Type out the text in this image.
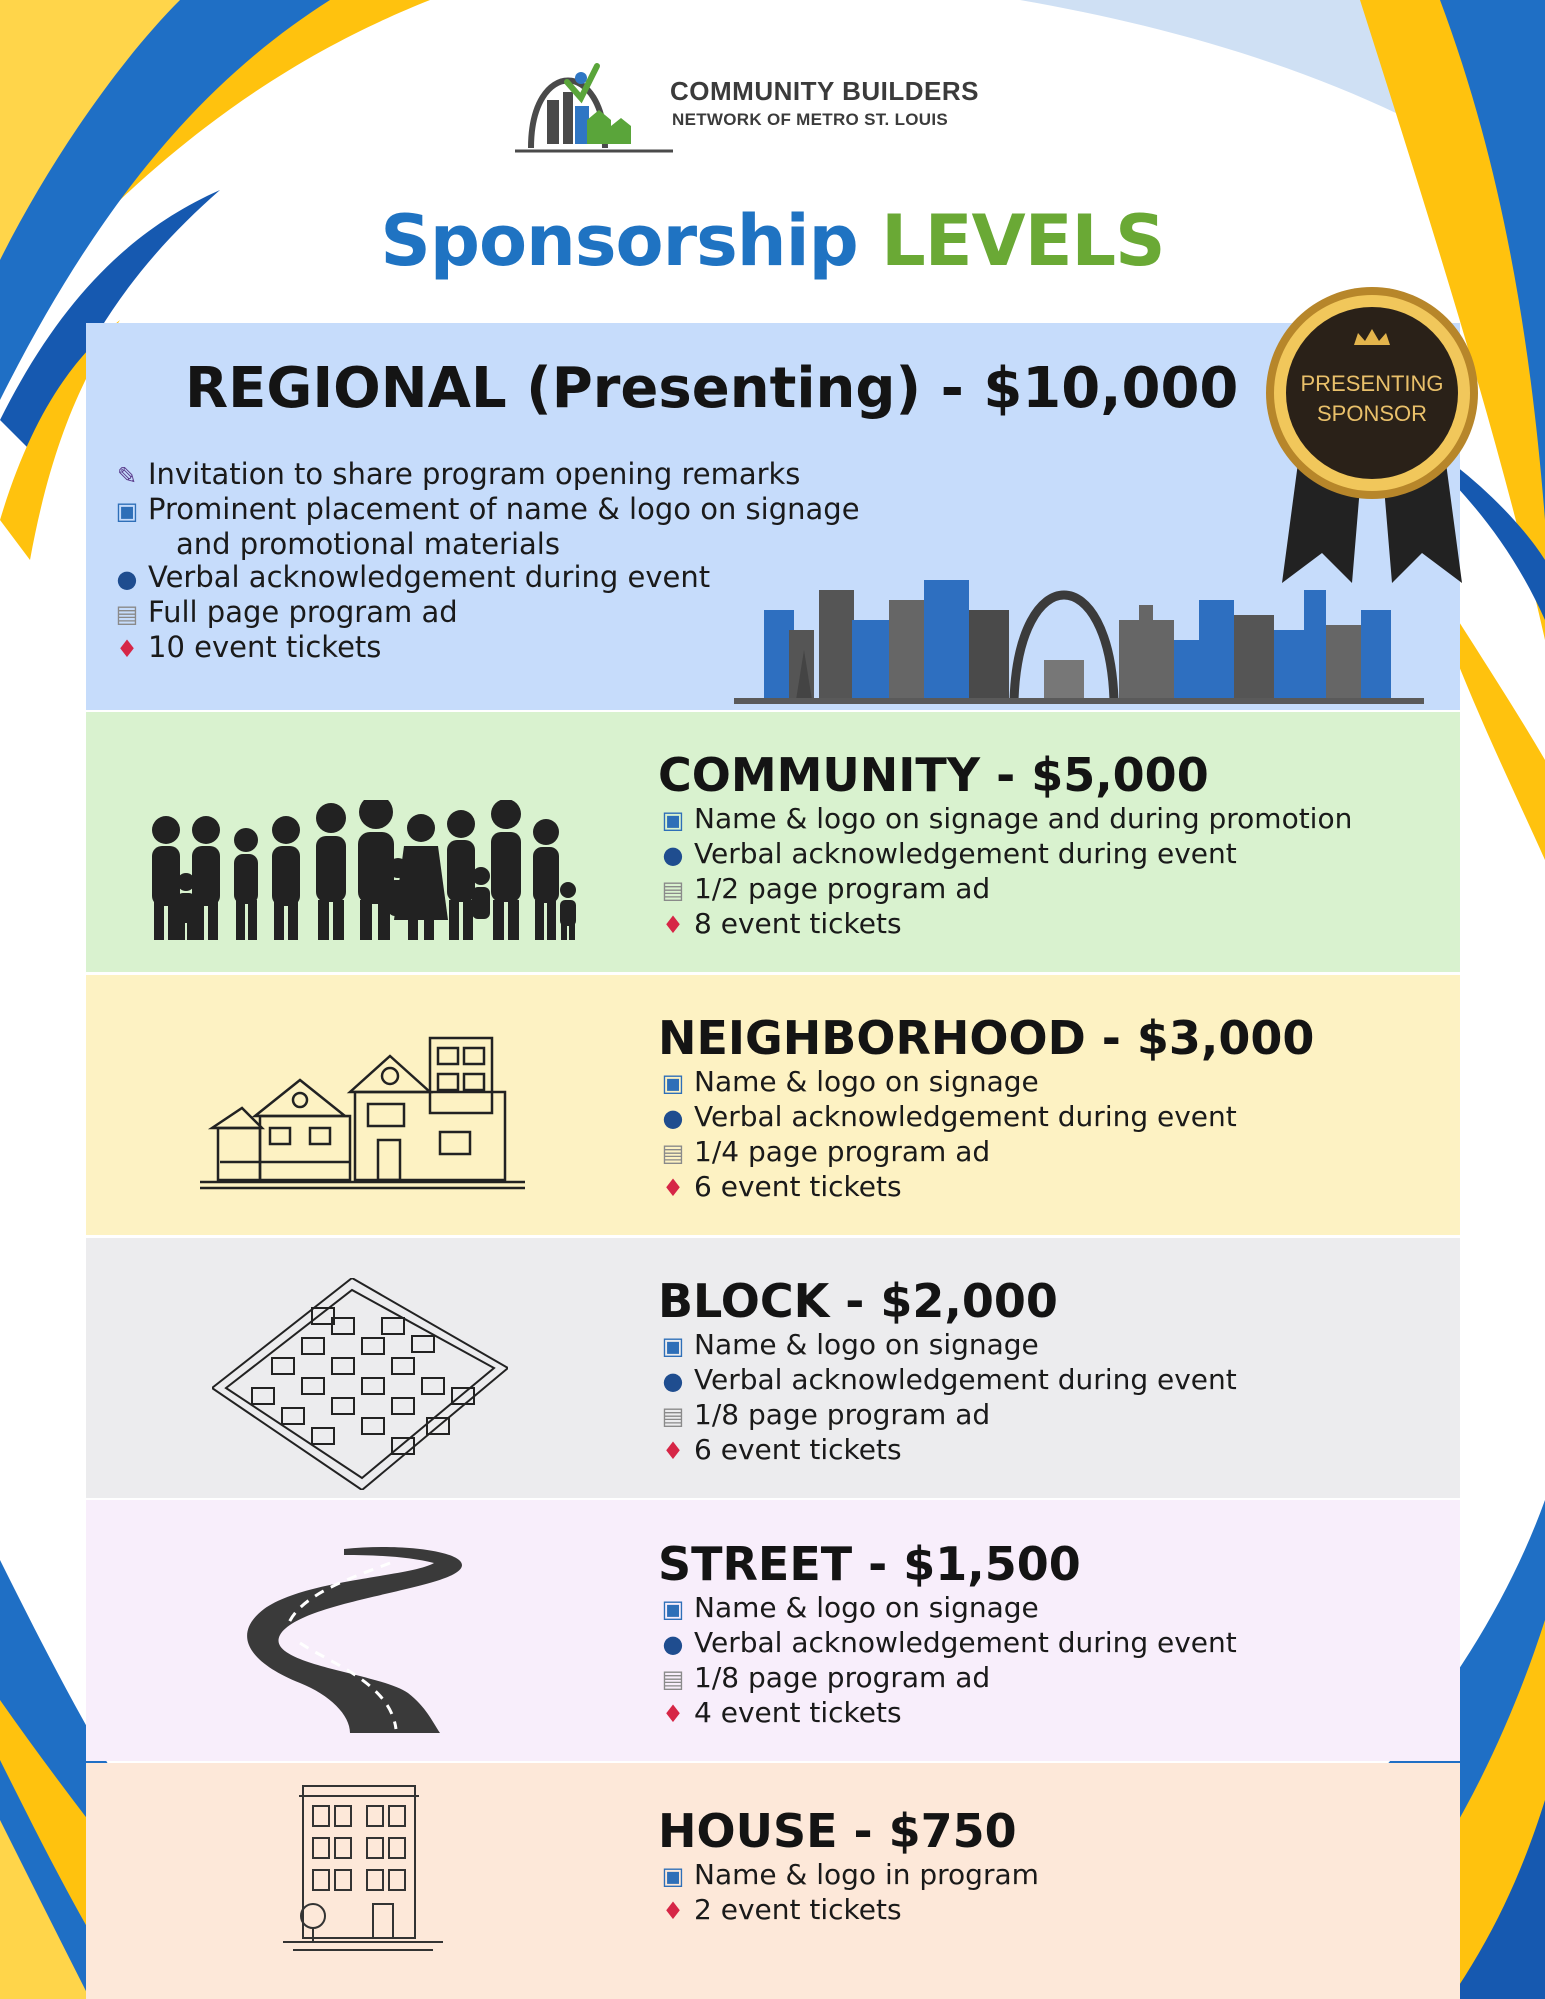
COMMUNITY BUILDERS
NETWORK OF METRO ST. LOUIS
Sponsorship LEVELS
PRESENTING
SPONSOR
REGIONAL (Presenting) - $10,000
✎ Invitation to share program opening remarks
▣ Prominent placement of name & logo on signage
and promotional materials
● Verbal acknowledgement during event
▤ Full page program ad
♦ 10 event tickets
COMMUNITY - $5,000
▣ Name & logo on signage and during promotion
● Verbal acknowledgement during event
▤ 1/2 page program ad
♦ 8 event tickets
NEIGHBORHOOD - $3,000
▣ Name & logo on signage
● Verbal acknowledgement during event
▤ 1/4 page program ad
♦ 6 event tickets
BLOCK - $2,000
▣ Name & logo on signage
● Verbal acknowledgement during event
▤ 1/8 page program ad
♦ 6 event tickets
STREET - $1,500
▣ Name & logo on signage
● Verbal acknowledgement during event
▤ 1/8 page program ad
♦ 4 event tickets
HOUSE - $750
▣ Name & logo in program
♦ 2 event tickets
